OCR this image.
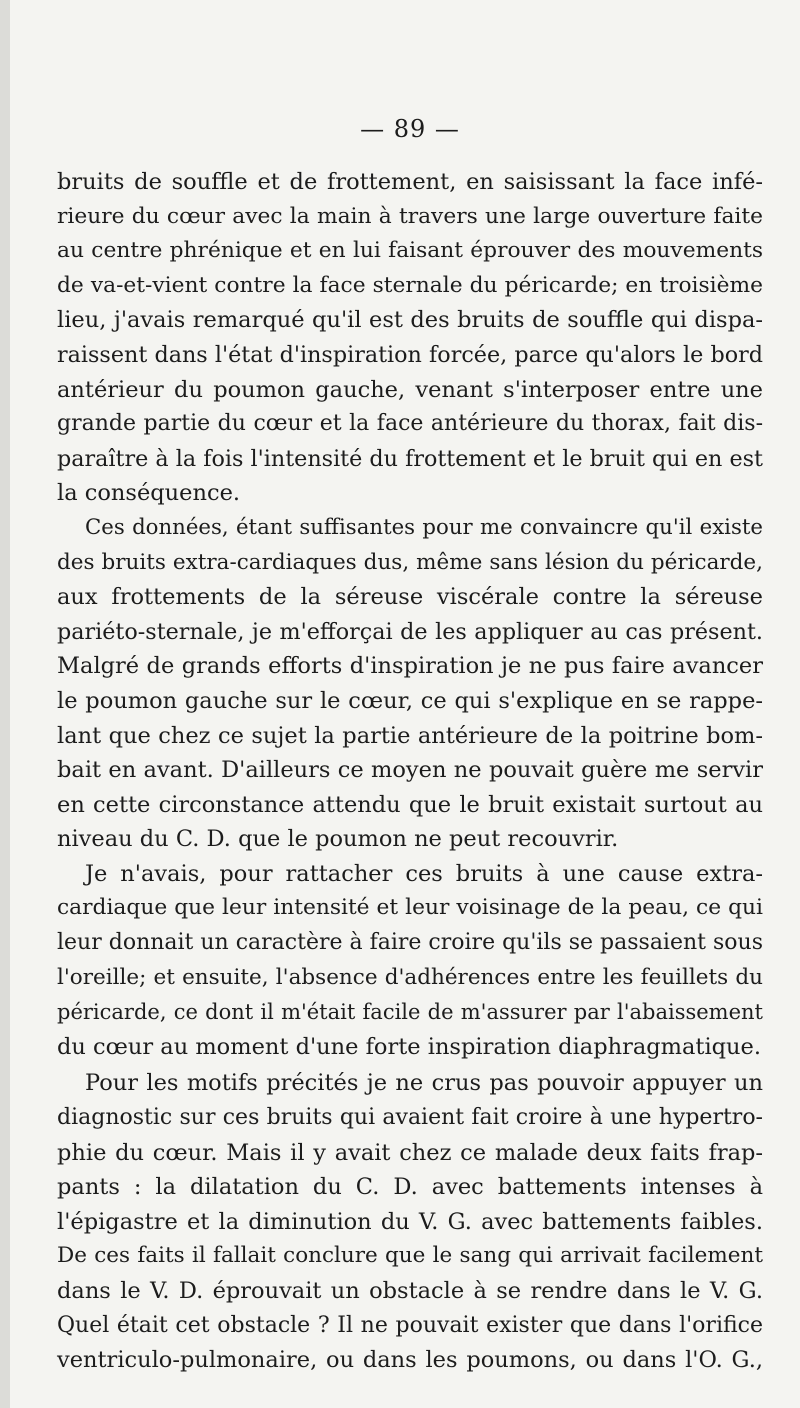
— 89 —
bruits de souffle et de frottement, en saisissant la face infé-
rieure du cœur avec la main à travers une large ouverture faite
au centre phrénique et en lui faisant éprouver des mouvements
de va-et-vient contre la face sternale du péricarde; en troisième
lieu, j'avais remarqué qu'il est des bruits de souffle qui dispa-
raissent dans l'état d'inspiration forcée, parce qu'alors le bord
antérieur du poumon gauche, venant s'interposer entre une
grande partie du cœur et la face antérieure du thorax, fait dis-
paraître à la fois l'intensité du frottement et le bruit qui en est
la conséquence.
Ces données, étant suffisantes pour me convaincre qu'il existe
des bruits extra-cardiaques dus, même sans lésion du péricarde,
aux frottements de la séreuse viscérale contre la séreuse
pariéto-sternale, je m'efforçai de les appliquer au cas présent.
Malgré de grands efforts d'inspiration je ne pus faire avancer
le poumon gauche sur le cœur, ce qui s'explique en se rappe-
lant que chez ce sujet la partie antérieure de la poitrine bom-
bait en avant. D'ailleurs ce moyen ne pouvait guère me servir
en cette circonstance attendu que le bruit existait surtout au
niveau du C. D. que le poumon ne peut recouvrir.
Je n'avais, pour rattacher ces bruits à une cause extra-
cardiaque que leur intensité et leur voisinage de la peau, ce qui
leur donnait un caractère à faire croire qu'ils se passaient sous
l'oreille; et ensuite, l'absence d'adhérences entre les feuillets du
péricarde, ce dont il m'était facile de m'assurer par l'abaissement
du cœur au moment d'une forte inspiration diaphragmatique.
Pour les motifs précités je ne crus pas pouvoir appuyer un
diagnostic sur ces bruits qui avaient fait croire à une hypertro-
phie du cœur. Mais il y avait chez ce malade deux faits frap-
pants : la dilatation du C. D. avec battements intenses à
l'épigastre et la diminution du V. G. avec battements faibles.
De ces faits il fallait conclure que le sang qui arrivait facilement
dans le V. D. éprouvait un obstacle à se rendre dans le V. G.
Quel était cet obstacle ? Il ne pouvait exister que dans l'orifice
ventriculo-pulmonaire, ou dans les poumons, ou dans l'O. G.,
